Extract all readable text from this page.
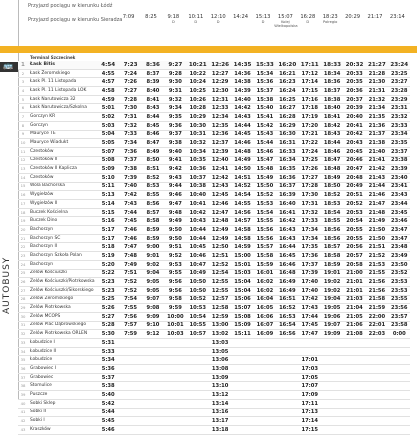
🚌
AUTOBUSY
Przyjazd pociągu w kierunku Łódź
Przyjazd pociągu w kierunku Sieradza 7:09	8:25	9:18
D
10:11
D
12:10
D
14:24	15:13
D
15:07
Kolej Wielkopolska
16:28
D
18:23
Polregio
20:29	21:17	23:14
Terminal Szczecinek
1	Łask Bitis	4:54	7:23	8:36	9:27	10:21	12:26	14:35	15:33	16:20	17:11	18:33	20:32	21:27	23:24
2	Łask Żeromskiego	4:55	7:24	8:37	9:28	10:22	12:27	14:36	15:34	16:21	17:12	18:34	20:33	21:28	23:25
3	Łask Pl. 11 Listopada	4:57	7:26	8:39	9:30	10:24	12:29	14:38	15:36	16:23	17:14	18:36	20:35	21:30	23:27
4	Łask Pl. 11 Listopada LOK	4:58	7:27	8:40	9:31	10:25	12:30	14:39	15:37	16:24	17:15	18:37	20:36	21:31	23:28
5	Łask Narutowicza 32	4:59	7:28	8:41	9:32	10:26	12:31	14:40	15:38	16:25	17:16	18:38	20:37	21:32	23:29
6	Łask Narutowicza/Szkolna	5:01	7:30	8:43	9:34	10:28	12:33	14:42	15:40	16:27	17:18	18:40	20:39	21:34	23:31
7	Gorczyn KR	5:02	7:31	8:44	9:35	10:29	12:34	14:43	15:41	16:28	17:19	18:41	20:40	21:35	23:32
8	Gorczyn	5:03	7:32	8:45	9:36	10:30	12:35	14:44	15:42	16:29	17:20	18:42	20:41	21:36	23:33
9	Mauryce TE	5:04	7:33	8:46	9:37	10:31	12:36	14:45	15:43	16:30	17:21	18:43	20:42	21:37	23:34
10	Mauryce Wiadukt	5:05	7:34	8:47	9:38	10:32	12:37	14:46	15:44	16:31	17:22	18:44	20:43	21:38	23:35
11	Czestoków	5:07	7:36	8:49	9:40	10:34	12:39	14:48	15:46	16:33	17:24	18:46	20:45	21:40	23:37
12	Czestoków II	5:08	7:37	8:50	9:41	10:35	12:40	14:49	15:47	16:34	17:25	18:47	20:46	21:41	23:38
13	Czestoków II Kaplicza	5:09	7:38	8:51	9:42	10:36	12:41	14:50	15:48	16:35	17:26	18:48	20:47	21:42	23:39
14	Czestoków	5:10	7:39	8:52	9:43	10:37	12:42	14:51	15:49	16:36	17:27	18:49	20:48	21:43	23:40
15	Wola Bachorska	5:11	7:40	8:53	9:44	10:38	12:43	14:52	15:50	16:37	17:28	18:50	20:49	21:44	23:41
16	Wygiełzów	5:13	7:42	8:55	9:46	10:40	12:45	14:54	15:52	16:39	17:30	18:52	20:51	21:46	23:43
17	Wygiełzów II	5:14	7:43	8:56	9:47	10:41	12:46	14:55	15:53	16:40	17:31	18:53	20:52	21:47	23:44
18	Buczek Kościelna	5:15	7:44	8:57	9:48	10:42	12:47	14:56	15:54	16:41	17:32	18:54	20:53	21:48	23:45
19	Buczek Dino	5:16	7:45	8:58	9:49	10:43	12:48	14:57	15:55	16:42	17:33	18:55	20:54	21:49	23:46
20	Bachorzyn	5:17	7:46	8:59	9:50	10:44	12:49	14:58	15:56	16:43	17:34	18:56	20:55	21:50	23:47
21	Bachorzyn SC	5:17	7:46	8:59	9:50	10:44	12:49	14:58	15:56	16:43	17:34	18:56	20:55	21:50	23:47
22	Bachorzyn II	5:18	7:47	9:00	9:51	10:45	12:50	14:59	15:57	16:44	17:35	18:57	20:56	21:51	23:48
23	Bachorzyn Szkoła Polan	5:19	7:48	9:01	9:52	10:46	12:51	15:00	15:58	16:45	17:36	18:58	20:57	21:52	23:49
24	Bachorzyn	5:20	7:49	9:02	9:53	10:47	12:52	15:01	15:59	16:46	17:37	18:59	20:58	21:53	23:50
25	Zelów Kościuszki	5:22	7:51	9:04	9:55	10:49	12:54	15:03	16:01	16:48	17:39	19:01	21:00	21:55	23:52
26	Zelów Kościuszki/Piotrkowska	5:23	7:52	9:05	9:56	10:50	12:55	15:04	16:02	16:49	17:40	19:02	21:01	21:56	23:53
27	Zelów Kościuszki/Sikorskiego	5:23	7:52	9:05	9:56	10:50	12:55	15:04	16:02	16:49	17:40	19:02	21:01	21:56	23:53
28	Zelów Żeromskiego	5:25	7:54	9:07	9:58	10:52	12:57	15:06	16:04	16:51	17:42	19:04	21:03	21:58	23:55
29	Zelów Piotrkowska	5:26	7:55	9:08	9:59	10:53	12:58	15:07	16:05	16:52	17:43	19:05	21:04	21:59	23:56
30	Zelów MCOPS	5:27	7:56	9:09	10:00	10:54	12:59	15:08	16:06	16:53	17:44	19:06	21:05	22:00	23:57
31	Zelów Plac Dąbrowskiego	5:28	7:57	9:10	10:01	10:55	13:00	15:09	16:07	16:54	17:45	19:07	21:06	22:01	23:58
32	Zelów Piotrkowska ORLEN	5:30	7:59	9:12	10:03	10:57	13:02	15:11	16:09	16:56	17:47	19:09	21:08	22:03	0:00
33	Łobudzice I	5:31					13:03								
34	Łobudzice II	5:33					13:05								
35	Łobudzice	5:34					13:06				17:01				
36	Grabowiec I	5:36					13:08				17:03				
37	Grabowiec	5:37					13:09				17:05				
38	Stomulice	5:38					13:10				17:07				
39	Puszcze	5:40					13:12				17:09				
40	Sobki Sklep	5:42					13:14				17:11				
41	Sobki II	5:44					13:16				17:13				
42	Sobki I	5:45					13:17				17:14				
43	Kraszków	5:46					13:18				17:15				
